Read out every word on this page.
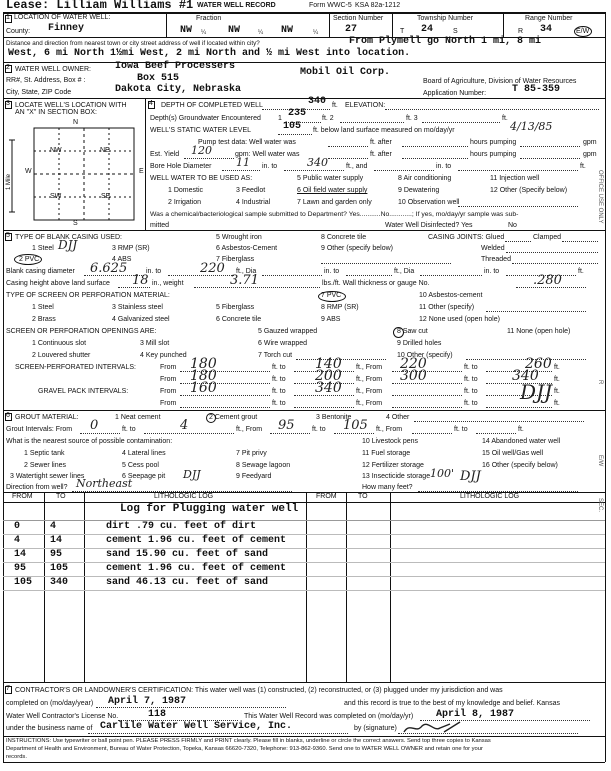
Lease: Lilliam Williams #1 WATER WELL RECORD	Form WWC-5 KSA 82a-1212
1 LOCATION OF WATER WELL:
County: Finney
Fraction
NW ¼ NW	¼ NW	¼
Section Number
27
Township Number
T 24	S
Range Number
R 34	E/W
Distance and direction from nearest town or city street address of well if located within city?	From Plymell go North 1 mi, 8 mi
West, 6 mi North 1½mi West, 2 mi North and ½ mi West into location.
2 WATER WELL OWNER: Iowa Beef Processers
Mobil Oil Corp.
RR#, St. Address, Box # :	Box 515	Board of Agriculture, Division of Water Resources
City, State, ZIP Code	Dakota City, Nebraska	Application Number:	T 85-359
3 LOCATE WELL'S LOCATION WITH
AN "X" IN SECTION BOX:
N
S
W	E
1 Mile
NW	NE
SW	SE
4 DEPTH OF COMPLETED WELL	340 ft. ELEVATION:
Depth(s) Groundwater Encountered 1 235 ft. 2	ft. 3	ft.
WELL'S STATIC WATER LEVEL	105 ft. below land surface measured on mo/day/yr	4/13/85
Pump test data: Well water was	ft. after	hours pumping	gpm
Est. Yield 120	gpm: Well water was	ft. after	hours pumping	gpm
Bore Hole Diameter 11 in. to	340	ft., and	in. to	ft.
WELL WATER TO BE USED AS:	5 Public water supply	8 Air conditioning	11 Injection well
1 Domestic	3 Feedlot	6 Oil field water supply	9 Dewatering	12 Other (Specify below)
2 Irrigation	4 Industrial	7 Lawn and garden only	10 Observation well
Was a chemical/bacteriological sample submitted to Department? Yes...........No............; If yes, mo/day/yr sample was sub-
mitted	Water Well Disinfected? Yes	No
5 TYPE OF BLANK CASING USED:	5 Wrought iron	8 Concrete tile	CASING JOINTS: Glued	Clamped
1 Steel DJJ	3 RMP (SR)	6 Asbestos-Cement	9 Other (specify below)	Welded
2 PVC	4 ABS	7 Fiberglass	Threaded
Blank casing diameter 6.625	in. to	220 ft., Dia	in. to	ft., Dia	in. to	ft.
Casing height above land surface 18 in., weight	3.71	lbs./ft. Wall thickness or gauge No.	.280
TYPE OF SCREEN OR PERFORATION MATERIAL:	7 PVC	10 Asbestos-cement
1 Steel	3 Stainless steel	5 Fiberglass	8 RMP (SR)	11 Other (specify)
2 Brass	4 Galvanized steel	6 Concrete tile	9 ABS	12 None used (open hole)
SCREEN OR PERFORATION OPENINGS ARE:	5 Gauzed wrapped	8 Saw cut	11 None (open hole)
1 Continuous slot	3 Mill slot	6 Wire wrapped	9 Drilled holes
2 Louvered shutter	4 Key punched	7 Torch cut	10 Other (specify)
SCREEN-PERFORATED INTERVALS:	From 180	ft. to 140 ft., From 220	ft. to	260 ft.
From 180	ft. to 200 ft., From 300	ft. to 340 ft.
GRAVEL PACK INTERVALS:	From 160	ft. to 340 ft., From	ft. to	ft.
DJJ
From	ft. to	ft., From	ft. to	ft.
6 GROUT MATERIAL:	1 Neat cement	2 Cement grout	3 Bentonite	4 Other
Grout Intervals: From 0	ft. to	4	ft., From 95 ft. to 105 ft., From	ft. to	ft.
What is the nearest source of possible contamination:	10 Livestock pens	14 Abandoned water well
1 Septic tank	4 Lateral lines	7 Pit privy	11 Fuel storage	15 Oil well/Gas well
2 Sewer lines	5 Cess pool	8 Sewage lagoon	12 Fertilizer storage	16 Other (specify below)
3 Watertight sewer lines	6 Seepage pit DJJ	9 Feedyard	13 Insecticide storage 100' DJJ
Direction from well? Northeast	How many feet?
FROM	TO	LITHOLOGIC LOG	FROM	TO	LITHOLOGIC LOG
Log for Plugging water well
0	4	dirt .79 cu. feet of dirt
4	14	cement 1.96 cu. feet of cement
14 95	sand 15.90 cu. feet of sand
95 105	cement 1.96 cu. feet of cement
105 340	sand 46.13 cu. feet of sand
7 CONTRACTOR'S OR LANDOWNER'S CERTIFICATION: This water well was (1) constructed, (2) reconstructed, or (3) plugged under my jurisdiction and was
completed on (mo/day/year) April 7, 1987	and this record is true to the best of my knowledge and belief. Kansas
Water Well Contractor's License No.	118	This Water Well Record was completed on (mo/day/yr) April 8, 1987
under the business name of Carlile Water Well Service, Inc.	by (signature)
INSTRUCTIONS: Use typewriter or ball point pen. PLEASE PRESS FIRMLY and PRINT clearly. Please fill in blanks, underline or circle the correct answers. Send top three copies to Kansas
Department of Health and Environment, Bureau of Water Protection, Topeka, Kansas 66620-7320, Telephone: 913-862-9360. Send one to WATER WELL OWNER and retain one for your
records.
OFFICE USE ONLY
E/W
SEC.
R
